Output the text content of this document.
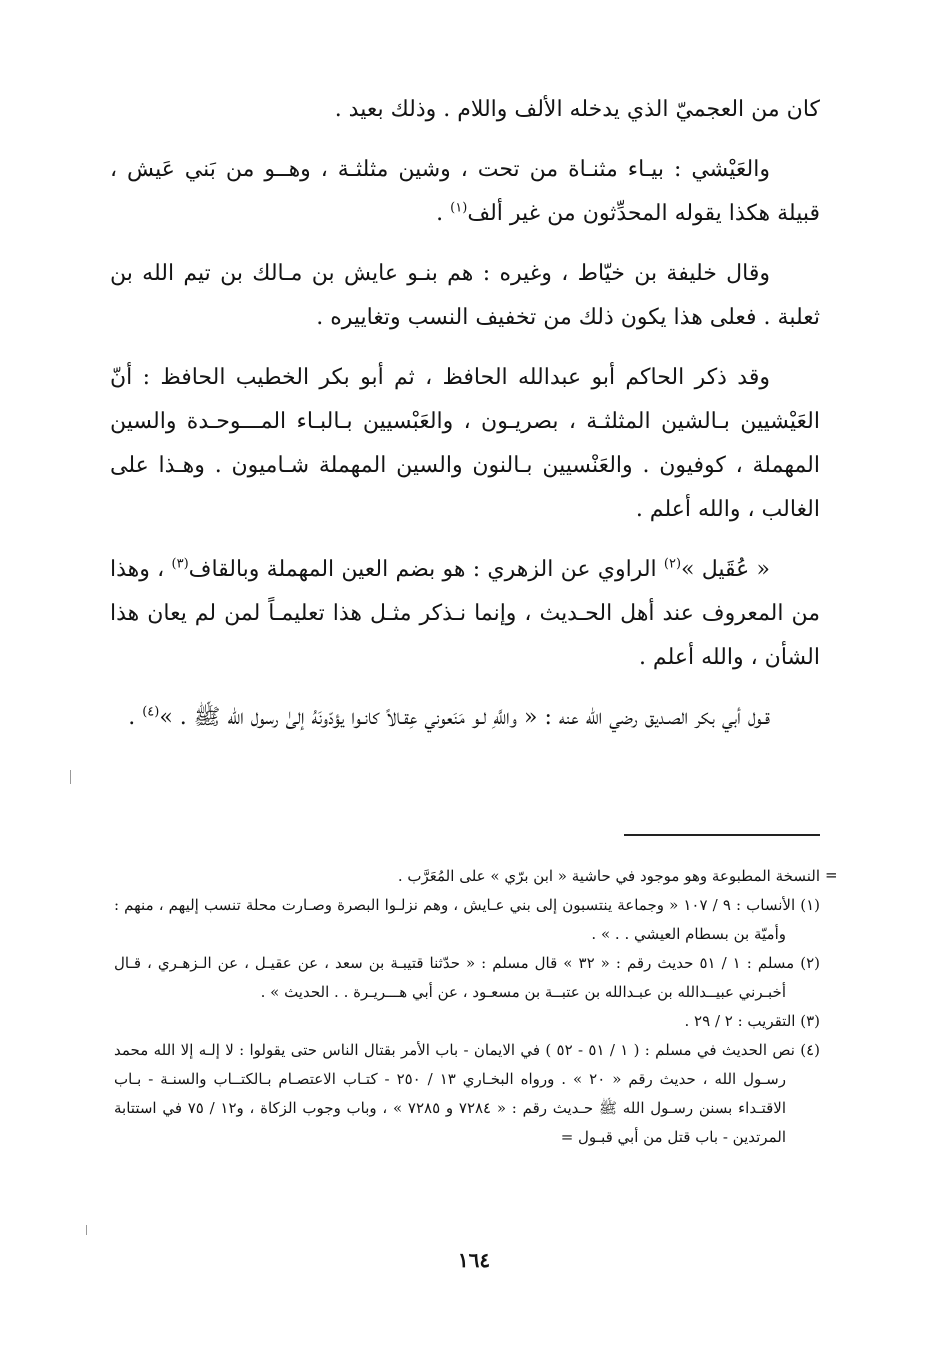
كان من العجميّ الذي يدخله الألف واللام . وذلك بعيد .

والعَيْشي : بيـاء مثنـاة من تحت ، وشين مثلثـة ، وهــو من بَني عَيش ، قبيلة هكذا يقوله المحدِّثون من غير ألف$^{(١)}$ .

وقال خليفة بن خيّاط ، وغيره : هم بنـو عايش بن مـالك بن تيم الله بن ثعلبة . فعلى هذا يكون ذلك من تخفيف النسب وتغاييره .

وقد ذكر الحاكم أبو عبدالله الحافظ ، ثم أبو بكر الخطيب الحافظ : أنّ العَيْشيين بـالشين المثلثـة ، بصريـون ، والعَبْسيين بـالبـاء المـــوحـدة والسين المهملة ، كوفيون . والعَنْسيين بـالنون والسين المهملة شـاميون . وهـذا على الغالب ، والله أعلم .

« عُقَيل »$^{(٢)}$ الراوي عن الزهري : هو بضم العين المهملة وبالقاف$^{(٣)}$ ، وهذا من المعروف عند أهل الحـديث ، وإنما نـذكر مثـل هذا تعليمـاً لمن لم يعان هذا الشأن ، والله أعلم .

قـول أبي بكر الصـديق رضي الله عنه : « واللَّهِ لـو مَنَعوني عِقـالاً كانـوا يؤدّونَهُ إلىٰ رسول الله ﷺ . »$^{(٤)}$ .

=

النسخة المطبوعة وهو موجود في حاشية « ابن برّي » على المُعَرَّب .

(١) الأنساب : ٩ / ١٠٧ « وجماعة ينتسبون إلى بني عـايش ، وهم نزلـوا البصرة وصـارت محلة تنسب إليهم ، منهم : وأميّة بن بسطام العيشي . . » .

(٢) مسلم : ١ / ٥١ حديث رقم : « ٣٢ » قال مسلم : « حدّثنا قتيبـة بن سعد ، عن عقيـل ، عن الـزهـري ، قـال أخبـرني عبيــدالله بن عبـدالله بن عتبــة بن مسعـود ، عن أبي هـــريـرة . . الحديث » .

(٣) التقريب : ٢ / ٢٩ .

(٤) نص الحديث في مسلم : ( ١ / ٥١ - ٥٢ ) في الايمان - باب الأمر بقتال الناس حتى يقولوا : لا إلـه إلا الله محمد رسـول الله ، حديث رقم « ٢٠ » . ورواه البخـاري ١٣ / ٢٥٠ - كتـاب الاعتصـام بـالكتــاب والسنـة - بـاب الاقتـداء بسنن رسـول الله ﷺ حـديث رقم : « ٧٢٨٤ و ٧٢٨٥ » ، وباب وجوب الزكاة ، و١٢ / ٧٥ في استتابة المرتدين - باب قتل من أبي قبـول =

١٦٤
